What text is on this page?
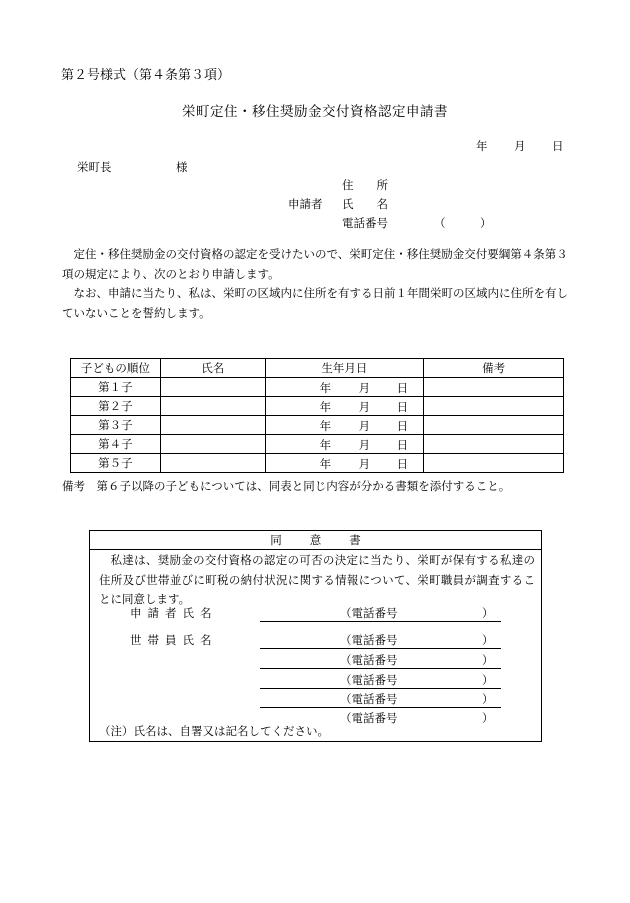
第２号様式（第４条第３項）
栄町定住・移住奨励金交付資格認定申請書
年 月 日
栄町長	様
住　　所
申請者 氏　　名
電話番号	（　　　）

定住・移住奨励金の交付資格の認定を受けたいので、栄町定住・移住奨励金交付要綱第４条第３項の規定により、次のとおり申請します。

なお、申請に当たり、私は、栄町の区域内に住所を有する日前１年間栄町の区域内に住所を有していないことを誓約します。

子どもの順位	氏名	生年月日	備考
第１子		年 月 日	

第２子		年 月 日	

第３子		年 月 日	

第４子		年 月 日	

第５子		年 月 日	

備考　第６子以降の子どもについては、同表と同じ内容が分かる書類を添付すること。
同 意 書

私達は、奨励金の交付資格の認定の可否の決定に当たり、栄町が保有する私達の住所及び世帯並びに町税の納付状況に関する情報について、栄町職員が調査することに同意します。

申請者氏名	（電話番号	）
世帯員氏名	（電話番号	）
（電話番号	）
（電話番号	）
（電話番号	）
（電話番号	）
（注）氏名は、自署又は記名してください。
